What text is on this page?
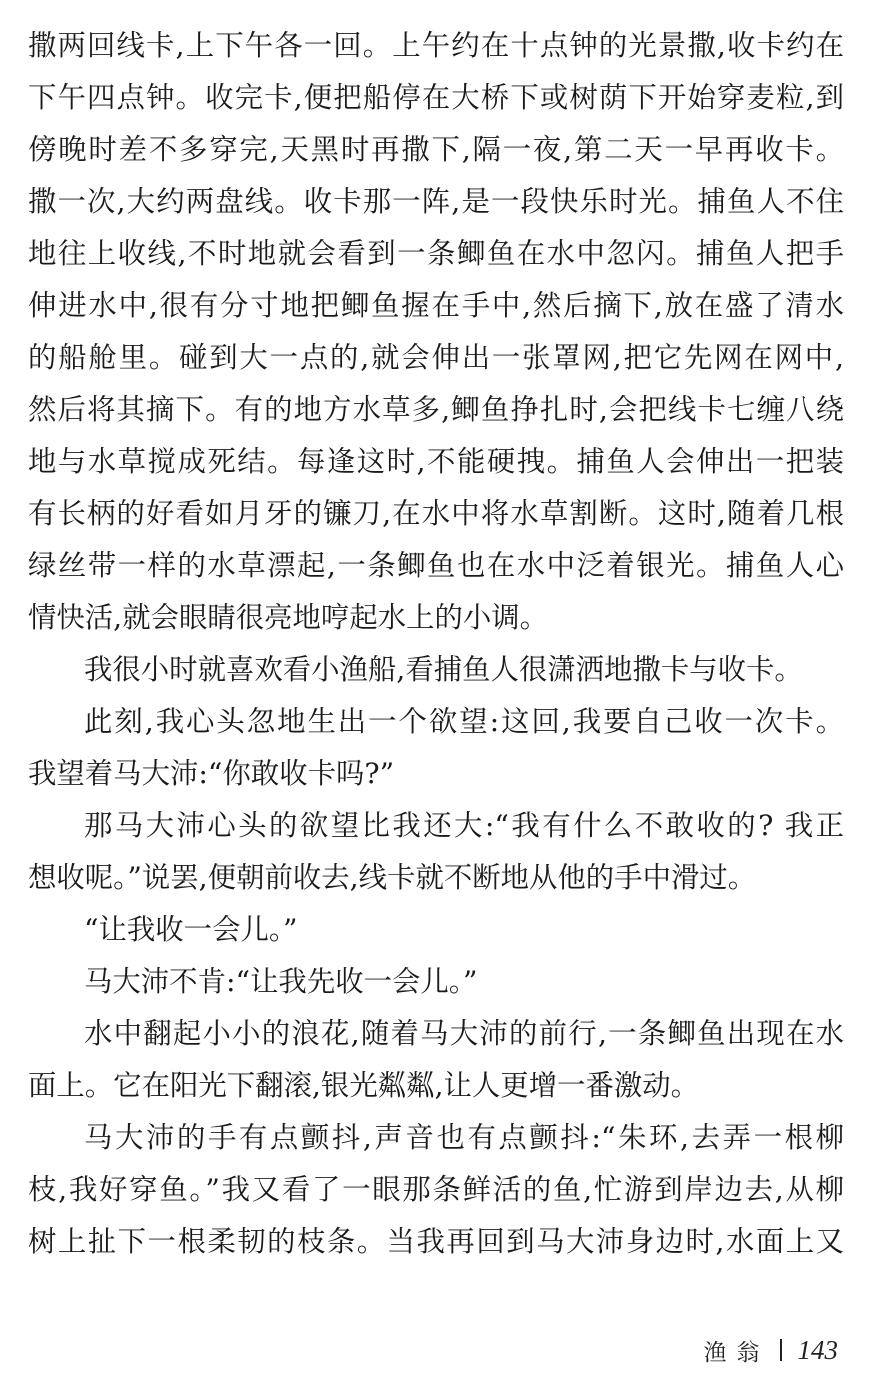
撒两回线卡,上下午各一回。上午约在十点钟的光景撒,收卡约在
下午四点钟。收完卡,便把船停在大桥下或树荫下开始穿麦粒,到
傍晚时差不多穿完,天黑时再撒下,隔一夜,第二天一早再收卡。
撒一次,大约两盘线。收卡那一阵,是一段快乐时光。捕鱼人不住
地往上收线,不时地就会看到一条鲫鱼在水中忽闪。捕鱼人把手
伸进水中,很有分寸地把鲫鱼握在手中,然后摘下,放在盛了清水
的船舱里。碰到大一点的,就会伸出一张罩网,把它先网在网中,
然后将其摘下。有的地方水草多,鲫鱼挣扎时,会把线卡七缠八绕
地与水草搅成死结。每逢这时,不能硬拽。捕鱼人会伸出一把装
有长柄的好看如月牙的镰刀,在水中将水草割断。这时,随着几根
绿丝带一样的水草漂起,一条鲫鱼也在水中泛着银光。捕鱼人心
情快活,就会眼睛很亮地哼起水上的小调。
我很小时就喜欢看小渔船,看捕鱼人很潇洒地撒卡与收卡。
此刻,我心头忽地生出一个欲望:这回,我要自己收一次卡。
我望着马大沛:“你敢收卡吗?”
那马大沛心头的欲望比我还大:“我有什么不敢收的? 我正
想收呢。”说罢,便朝前收去,线卡就不断地从他的手中滑过。
“让我收一会儿。”
马大沛不肯:“让我先收一会儿。”
水中翻起小小的浪花,随着马大沛的前行,一条鲫鱼出现在水
面上。它在阳光下翻滚,银光粼粼,让人更增一番激动。
马大沛的手有点颤抖,声音也有点颤抖:“朱环,去弄一根柳
枝,我好穿鱼。”我又看了一眼那条鲜活的鱼,忙游到岸边去,从柳
树上扯下一根柔韧的枝条。当我再回到马大沛身边时,水面上又
渔翁 143
